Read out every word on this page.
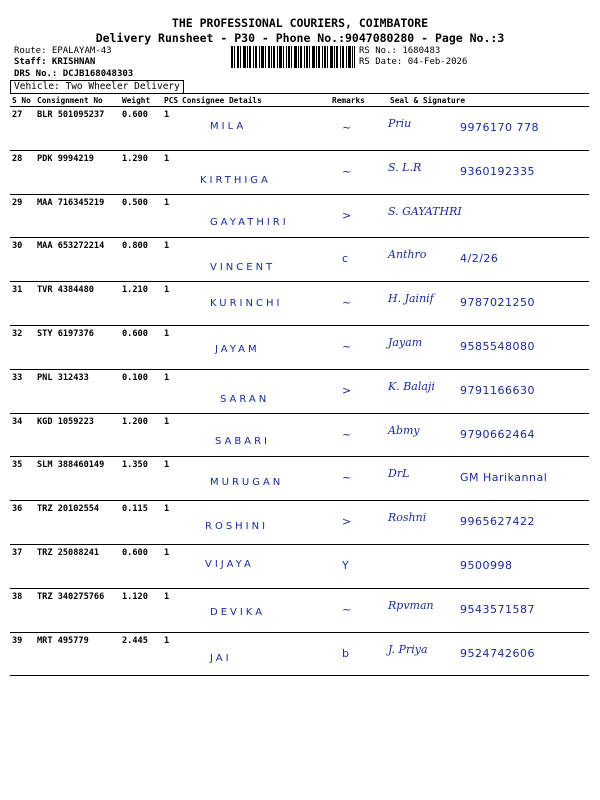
THE PROFESSIONAL COURIERS, COIMBATORE
Delivery Runsheet - P30 - Phone No.:9047080280 - Page No.:3
Route: EPALAYAM-43
Staff: KRISHNAN
DRS No.: DCJB168048303
RS No.: 1680483
RS Date: 04-Feb-2026
Vehicle: Two Wheeler Delivery
S No	Consignment No	Weight	PCS	Consignee Details	Remarks	Seal & Signature
27	BLR 501095237	0.600	1	MILA	~	Priu 9976170 778

28	PDK 9994219	1.290	1	KIRTHIGA	~	S. L.R 9360192335

29	MAA 716345219	0.500	1	GAYATHIRI	>	S. GAYATHRI

30	MAA 653272214	0.800	1	VINCENT	c	Anthro 4/2/26

31	TVR 4384480	1.210	1	KURINCHI	~	H. Jainif 9787021250

32	STY 6197376	0.600	1	JAYAM	~	Jayam 9585548080

33	PNL 312433	0.100	1	SARAN	>	K. Balaji 9791166630

34	KGD 1059223	1.200	1	SABARI	~	Abmy 9790662464

35	SLM 388460149	1.350	1	MURUGAN	~	DrL GM Harikannal

36	TRZ 20102554	0.115	1	ROSHINI	>	Roshni 9965627422

37	TRZ 25088241	0.600	1	VIJAYA	Y	9500998

38	TRZ 340275766	1.120	1	DEVIKA	~	Rpvman 9543571587

39	MRT 495779	2.445	1	JAI	b	J. Priya 9524742606
